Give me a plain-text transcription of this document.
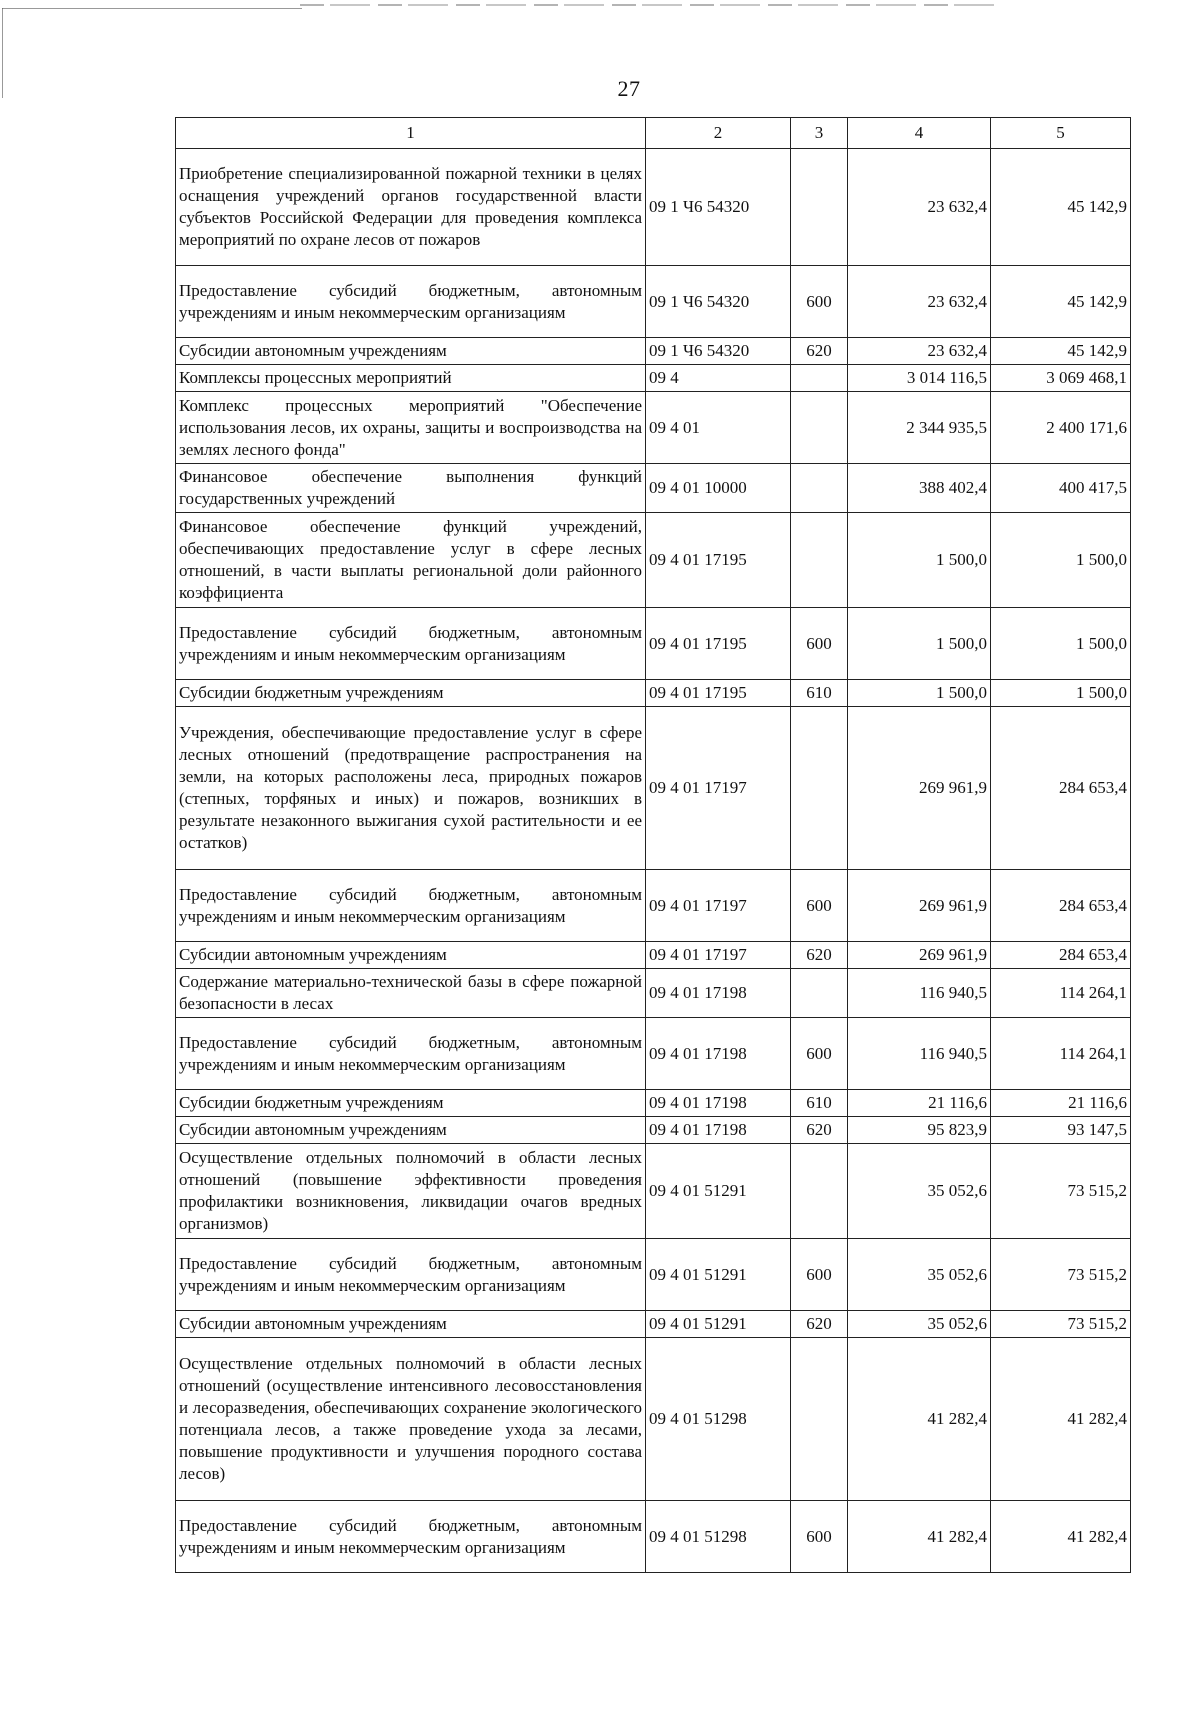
27
1	2	3	4	5
Приобретение специализированной пожарной техники в целях оснащения учреждений органов государственной власти субъектов Российской Федерации для проведения комплекса мероприятий по охране лесов от пожаров	09 1 Ч6 54320		23 632,4	45 142,9
Предоставление субсидий бюджетным, автономным учреждениям и иным некоммерческим организациям	09 1 Ч6 54320	600	23 632,4	45 142,9
Субсидии автономным учреждениям	09 1 Ч6 54320	620	23 632,4	45 142,9
Комплексы процессных мероприятий	09 4		3 014 116,5	3 069 468,1
Комплекс процессных мероприятий "Обеспечение использования лесов, их охраны, защиты и воспроизводства на землях лесного фонда"	09 4 01		2 344 935,5	2 400 171,6
Финансовое обеспечение выполнения функций государственных учреждений	09 4 01 10000		388 402,4	400 417,5
Финансовое обеспечение функций учреждений, обеспечивающих предоставление услуг в сфере лесных отношений, в части выплаты региональной доли районного коэффициента	09 4 01 17195		1 500,0	1 500,0
Предоставление субсидий бюджетным, автономным учреждениям и иным некоммерческим организациям	09 4 01 17195	600	1 500,0	1 500,0
Субсидии бюджетным учреждениям	09 4 01 17195	610	1 500,0	1 500,0
Учреждения, обеспечивающие предоставление услуг в сфере лесных отношений (предотвращение распространения на земли, на которых расположены леса, природных пожаров (степных, торфяных и иных) и пожаров, возникших в результате незаконного выжигания сухой растительности и ее остатков)	09 4 01 17197		269 961,9	284 653,4
Предоставление субсидий бюджетным, автономным учреждениям и иным некоммерческим организациям	09 4 01 17197	600	269 961,9	284 653,4
Субсидии автономным учреждениям	09 4 01 17197	620	269 961,9	284 653,4
Содержание материально-технической базы в сфере пожарной безопасности в лесах	09 4 01 17198		116 940,5	114 264,1
Предоставление субсидий бюджетным, автономным учреждениям и иным некоммерческим организациям	09 4 01 17198	600	116 940,5	114 264,1
Субсидии бюджетным учреждениям	09 4 01 17198	610	21 116,6	21 116,6
Субсидии автономным учреждениям	09 4 01 17198	620	95 823,9	93 147,5
Осуществление отдельных полномочий в области лесных отношений (повышение эффективности проведения профилактики возникновения, ликвидации очагов вредных организмов)	09 4 01 51291		35 052,6	73 515,2
Предоставление субсидий бюджетным, автономным учреждениям и иным некоммерческим организациям	09 4 01 51291	600	35 052,6	73 515,2
Субсидии автономным учреждениям	09 4 01 51291	620	35 052,6	73 515,2
Осуществление отдельных полномочий в области лесных отношений (осуществление интенсивного лесовосстановления и лесоразведения, обеспечивающих сохранение экологического потенциала лесов, а также проведение ухода за лесами, повышение продуктивности и улучшения породного состава лесов)	09 4 01 51298		41 282,4	41 282,4
Предоставление субсидий бюджетным, автономным учреждениям и иным некоммерческим организациям	09 4 01 51298	600	41 282,4	41 282,4
